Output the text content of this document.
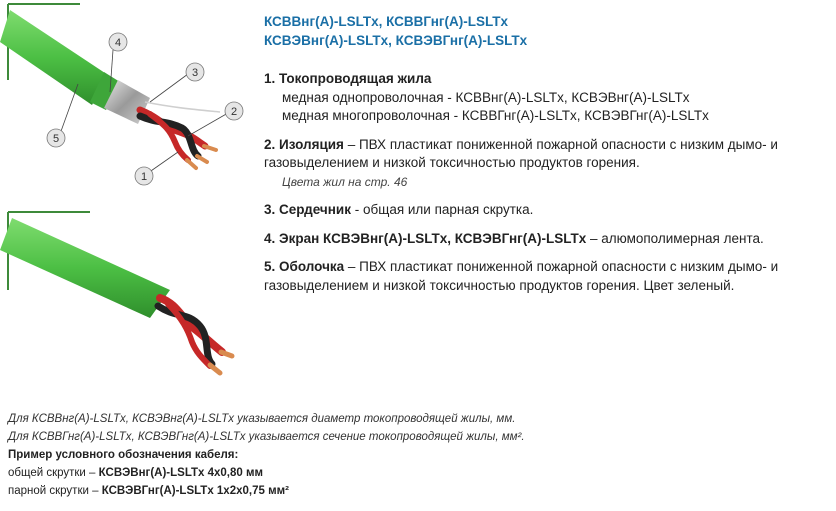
1
2
3
4
5
КСВВнг(А)-LSLTx, КСВВГнг(А)-LSLTx
КСВЭВнг(А)-LSLTx, КСВЭВГнг(А)-LSLTx
1. Токопроводящая жила
медная однопроволочная - КСВВнг(А)-LSLTx, КСВЭВнг(А)-LSLTx
медная многопроволочная - КСВВГнг(А)-LSLTx, КСВЭВГнг(А)-LSLTx
2. Изоляция – ПВХ пластикат пониженной пожарной опасности с низким дымо- и газовыделением и низкой токсичностью продуктов горения.
Цвета жил на стр. 46
3. Сердечник - общая или парная скрутка.
4. Экран КСВЭВнг(А)-LSLTx, КСВЭВГнг(А)-LSLTx – алюмополимерная лента.
5. Оболочка – ПВХ пластикат пониженной пожарной опасности с низким дымо- и газовыделением и низкой токсичностью продуктов горения. Цвет зеленый.
Для КСВВнг(А)-LSLTx, КСВЭВнг(А)-LSLTx указывается диаметр токопроводящей жилы, мм.
Для КСВВГнг(А)-LSLTx, КСВЭВГнг(А)-LSLTx указывается сечение токопроводящей жилы, мм².
Пример условного обозначения кабеля:
общей скрутки – КСВЭВнг(А)-LSLTx 4х0,80 мм
парной скрутки – КСВЭВГнг(А)-LSLTx 1х2х0,75 мм²
